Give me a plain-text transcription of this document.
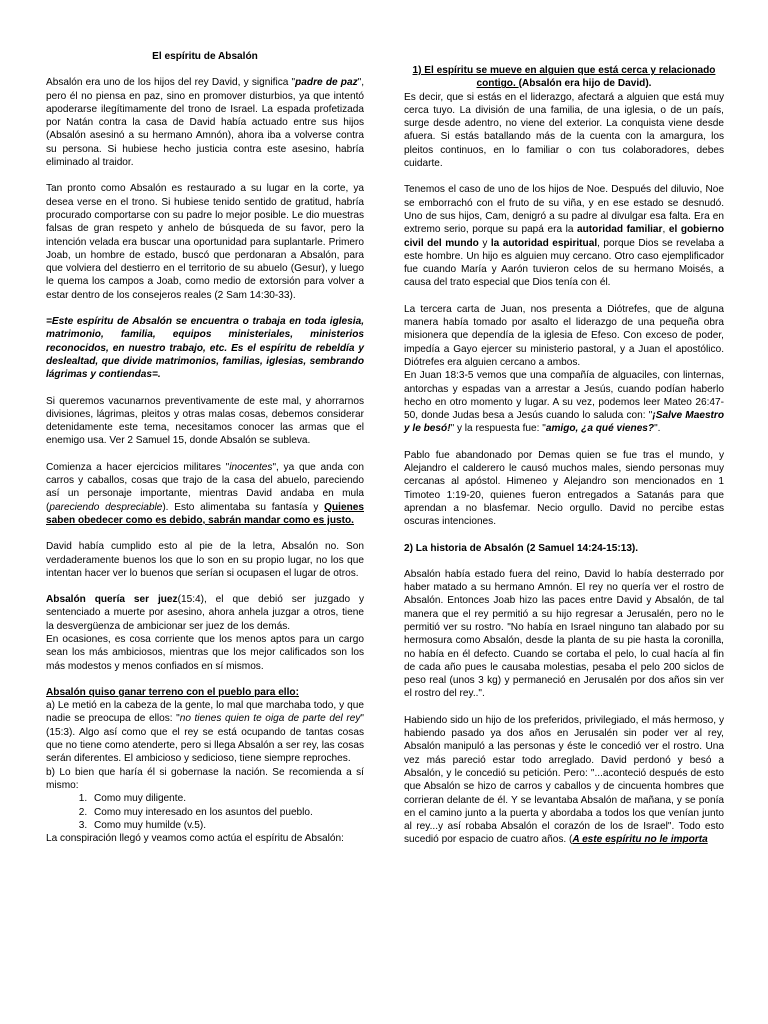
El espíritu de Absalón

Absalón era uno de los hijos del rey David, y significa "padre de paz", pero él no piensa en paz, sino en promover disturbios, ya que intentó apoderarse ilegítimamente del trono de Israel. La espada profetizada por Natán contra la casa de David había actuado entre sus hijos (Absalón asesinó a su hermano Amnón), ahora iba a volverse contra su persona. Si hubiese hecho justicia contra este asesino, habría eliminado al traidor.

Tan pronto como Absalón es restaurado a su lugar en la corte, ya desea verse en el trono. Si hubiese tenido sentido de gratitud, habría procurado comportarse con su padre lo mejor posible. Le dio muestras falsas de gran respeto y anhelo de búsqueda de su favor, pero la intención velada era buscar una oportunidad para suplantarle. Primero Joab, un hombre de estado, buscó que perdonaran a Absalón, para que volviera del destierro en el territorio de su abuelo (Gesur), y luego le quema los campos a Joab, como medio de extorsión para volver a estar dentro de los consejeros reales (2 Sam 14:30-33).

=Este espíritu de Absalón se encuentra o trabaja en toda iglesia, matrimonio, familia, equipos ministeriales, ministerios reconocidos, en nuestro trabajo, etc. Es el espíritu de rebeldía y deslealtad, que divide matrimonios, familias, iglesias, sembrando lágrimas y contiendas=.

Si queremos vacunarnos preventivamente de este mal, y ahorrarnos divisiones, lágrimas, pleitos y otras malas cosas, debemos considerar detenidamente este tema, necesitamos conocer las armas que el enemigo usa. Ver 2 Samuel 15, donde Absalón se subleva.

Comienza a hacer ejercicios militares "inocentes", ya que anda con carros y caballos, cosas que trajo de la casa del abuelo, pareciendo así un personaje importante, mientras David andaba en mula (pareciendo despreciable). Esto alimentaba su fantasía y Quienes saben obedecer como es debido, sabrán mandar como es justo.

David había cumplido esto al pie de la letra, Absalón no. Son verdaderamente buenos los que lo son en su propio lugar, no los que intentan hacer ver lo buenos que serían si ocupasen el lugar de otros.

Absalón quería ser juez(15:4), el que debió ser juzgado y sentenciado a muerte por asesino, ahora anhela juzgar a otros, tiene la desvergüenza de ambicionar ser juez de los demás.

En ocasiones, es cosa corriente que los menos aptos para un cargo sean los más ambiciosos, mientras que los mejor calificados son los más modestos y menos confiados en sí mismos.

Absalón quiso ganar terreno con el pueblo para ello:

a) Le metió en la cabeza de la gente, lo mal que marchaba todo, y que nadie se preocupa de ellos: "no tienes quien te oiga de parte del rey" (15:3). Algo así como que el rey se está ocupando de tantas cosas que no tiene como atenderte, pero si llega Absalón a ser rey, las cosas serán diferentes. El ambicioso y sedicioso, tiene siempre reproches.

b) Lo bien que haría él si gobernase la nación. Se recomienda a sí mismo:

1. Como muy diligente.
2. Como muy interesado en los asuntos del pueblo.
3. Como muy humilde (v.5).

La conspiración llegó y veamos como actúa el espíritu de Absalón:

1) El espíritu se mueve en alguien que está cerca y relacionado contigo. (Absalón era hijo de David).

Es decir, que si estás en el liderazgo, afectará a alguien que está muy cerca tuyo. La división de una familia, de una iglesia, o de un país, surge desde adentro, no viene del exterior. La conquista viene desde afuera. Si estás batallando más de la cuenta con la amargura, los pleitos continuos, en lo familiar o con tus colaboradores, debes cuidarte.

Tenemos el caso de uno de los hijos de Noe. Después del diluvio, Noe se emborrachó con el fruto de su viña, y en ese estado se desnudó. Uno de sus hijos, Cam, denigró a su padre al divulgar esa falta. Era en extremo serio, porque su papá era la autoridad familiar, el gobierno civil del mundo y la autoridad espiritual, porque Dios se revelaba a este hombre. Un hijo es alguien muy cercano. Otro caso ejemplificador fue cuando María y Aarón tuvieron celos de su hermano Moisés, a causa del trato especial que Dios tenía con él.

La tercera carta de Juan, nos presenta a Diótrefes, que de alguna manera había tomado por asalto el liderazgo de una pequeña obra misionera que dependía de la iglesia de Efeso. Con exceso de poder, impedía a Gayo ejercer su ministerio pastoral, y a Juan el apostólico. Diótrefes era alguien cercano a ambos.

En Juan 18:3-5 vemos que una compañía de alguaciles, con linternas, antorchas y espadas van a arrestar a Jesús, cuando podían haberlo hecho en otro momento y lugar. A su vez, podemos leer Mateo 26:47-50, donde Judas besa a Jesús cuando lo saluda con: "¡Salve Maestro y le besó!" y la respuesta fue: "amigo, ¿a qué vienes?".

Pablo fue abandonado por Demas quien se fue tras el mundo, y Alejandro el calderero le causó muchos males, siendo personas muy cercanas al apóstol. Himeneo y Alejandro son mencionados en 1 Timoteo 1:19-20, quienes fueron entregados a Satanás para que aprendan a no blasfemar. Necio orgullo. David no percibe estas oscuras intenciones.

2) La historia de Absalón (2 Samuel 14:24-15:13).

Absalón había estado fuera del reino, David lo había desterrado por haber matado a su hermano Amnón. El rey no quería ver el rostro de Absalón. Entonces Joab hizo las paces entre David y Absalón, de tal manera que el rey permitió a su hijo regresar a Jerusalén, pero no le permitió ver su rostro. "No había en Israel ninguno tan alabado por su hermosura como Absalón, desde la planta de su pie hasta la coronilla, no había en él defecto. Cuando se cortaba el pelo, lo cual hacía al fin de cada año pues le causaba molestias, pesaba el pelo 200 siclos de peso real (unos 3 kg) y permaneció en Jerusalén por dos años sin ver el rostro del rey..".

Habiendo sido un hijo de los preferidos, privilegiado, el más hermoso, y habiendo pasado ya dos años en Jerusalén sin poder ver al rey, Absalón manipuló a las personas y éste le concedió ver el rostro. Una vez más pareció estar todo arreglado. David perdonó y besó a Absalón, y le concedió su petición. Pero: "...aconteció después de esto que Absalón se hizo de carros y caballos y de cincuenta hombres que corrieran delante de él. Y se levantaba Absalón de mañana, y se ponía en el camino junto a la puerta y abordaba a todos los que venían junto al rey...y así robaba Absalón el corazón de los de Israel". Todo esto sucedió por espacio de cuatro años. (A este espíritu no le importa
